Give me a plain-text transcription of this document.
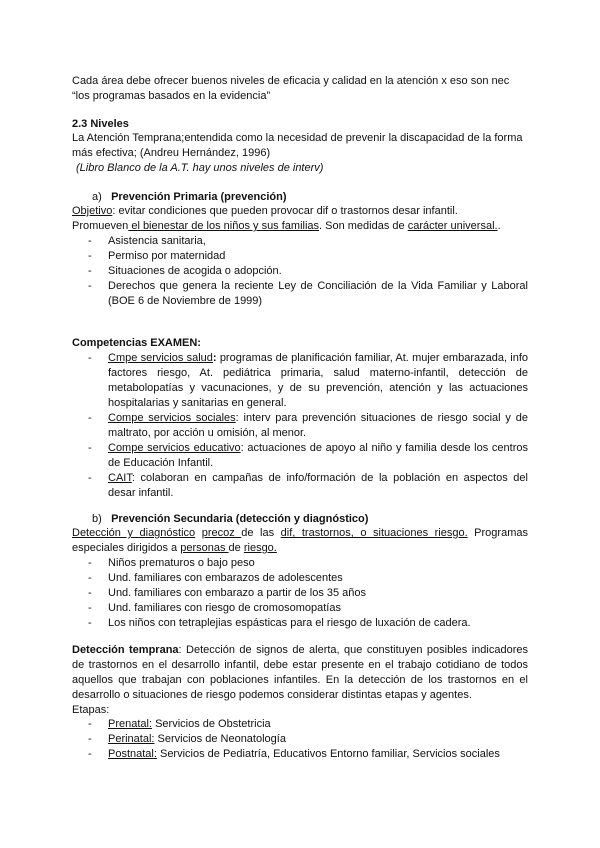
Cada área debe ofrecer buenos niveles de eficacia y calidad en la atención x eso son nec
“los programas basados en la evidencia”

2.3 Niveles

La Atención Temprana;entendida como la necesidad de prevenir la discapacidad de la forma más efectiva; (Andreu Hernández, 1996)

(Libro Blanco de la A.T. hay unos niveles de interv)

a) Prevención Primaria (prevención)

Objetivo: evitar condiciones que pueden provocar dif o trastornos desar infantil.

Promueven el bienestar de los niños y sus familias. Son medidas de carácter universal..

-	Asistencia sanitaria,
-	Permiso por maternidad
-	Situaciones de acogida o adopción.
-	Derechos que genera la reciente Ley de Conciliación de la Vida Familiar y Laboral (BOE 6 de Noviembre de 1999)

Competencias EXAMEN:

-	Cmpe servicios salud: programas de planificación familiar, At. mujer embarazada, info factores riesgo, At. pediátrica primaria, salud materno-infantil, detección de metabolopatías y vacunaciones, y de su prevención, atención y las actuaciones hospitalarias y sanitarias en general.
-	Compe servicios sociales: interv para prevención situaciones de riesgo social y de maltrato, por acción u omisión, al menor.
-	Compe servicios educativo: actuaciones de apoyo al niño y familia desde los centros de Educación Infantil.
-	CAIT: colaboran en campañas de info/formación de la población en aspectos del desar infantil.

b) Prevención Secundaria (detección y diagnóstico)

Detección y diagnóstico precoz de las dif, trastornos, o situaciones riesgo. Programas especiales dirigidos a personas de riesgo.

-	Niños prematuros o bajo peso
-	Und. familiares con embarazos de adolescentes
-	Und. familiares con embarazo a partir de los 35 años
-	Und. familiares con riesgo de cromosomopatías
-	Los niños con tetraplejias espásticas para el riesgo de luxación de cadera.

Detección temprana: Detección de signos de alerta, que constituyen posibles indicadores de trastornos en el desarrollo infantil, debe estar presente en el trabajo cotidiano de todos aquellos que trabajan con poblaciones infantiles. En la detección de los trastornos en el desarrollo o situaciones de riesgo podemos considerar distintas etapas y agentes.

Etapas:

-	Prenatal: Servicios de Obstetricia
-	Perinatal: Servicios de Neonatología
-	Postnatal: Servicios de Pediatría, Educativos Entorno familiar, Servicios sociales
